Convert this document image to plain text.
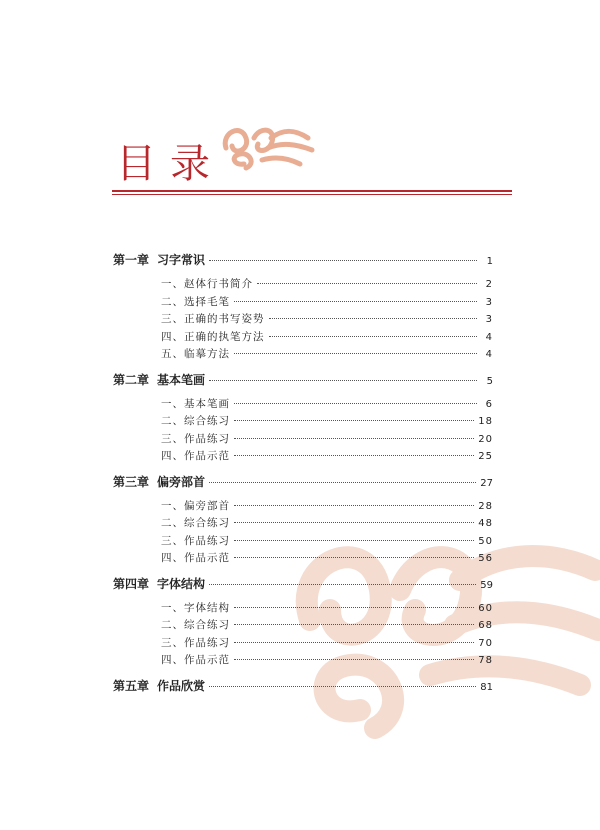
目录
第一章 习字常识	1
一、赵体行书简介	2
二、选择毛笔	3
三、正确的书写姿势	3
四、正确的执笔方法	4
五、临摹方法	4
第二章 基本笔画	5
一、基本笔画	6
二、综合练习	18
三、作品练习	20
四、作品示范	25
第三章 偏旁部首	27
一、偏旁部首	28
二、综合练习	48
三、作品练习	50
四、作品示范	56
第四章 字体结构	59
一、字体结构	60
二、综合练习	68
三、作品练习	70
四、作品示范	78
第五章 作品欣赏	81
